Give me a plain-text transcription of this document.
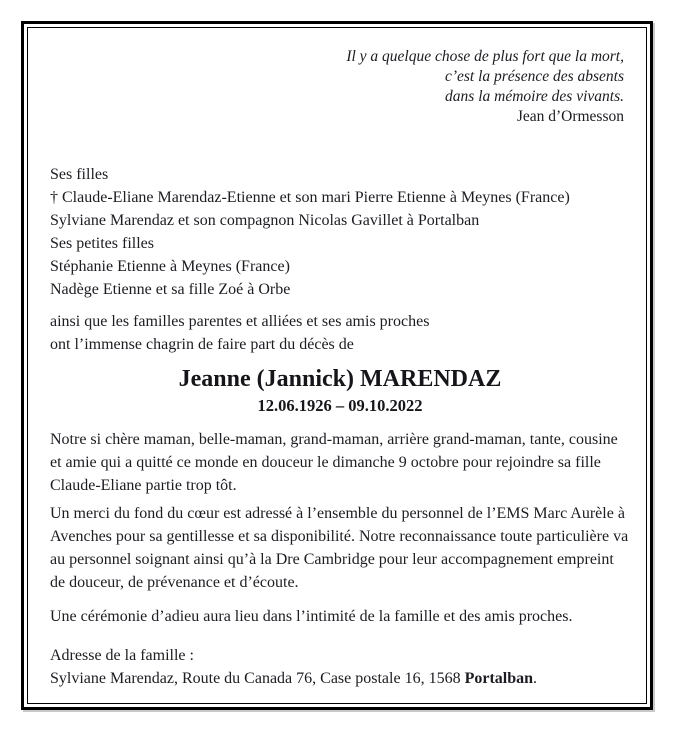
Il y a quelque chose de plus fort que la mort,
c’est la présence des absents
dans la mémoire des vivants.
Jean d’Ormesson
Ses filles
† Claude-Eliane Marendaz-Etienne et son mari Pierre Etienne à Meynes (France)
Sylviane Marendaz et son compagnon Nicolas Gavillet à Portalban
Ses petites filles
Stéphanie Etienne à Meynes (France)
Nadège Etienne et sa fille Zoé à Orbe
ainsi que les familles parentes et alliées et ses amis proches
ont l’immense chagrin de faire part du décès de
Jeanne (Jannick) MARENDAZ
12.06.1926 – 09.10.2022

Notre si chère maman, belle-maman, grand-maman, arrière grand-maman, tante, cousine et amie qui a quitté ce monde en douceur le dimanche 9 octobre pour rejoindre sa fille Claude-Eliane partie trop tôt.

Un merci du fond du cœur est adressé à l’ensemble du personnel de l’EMS Marc Aurèle à Avenches pour sa gentillesse et sa disponibilité. Notre reconnaissance toute particulière va au personnel soignant ainsi qu’à la Dre Cambridge pour leur accompagnement empreint de douceur, de prévenance et d’écoute.

Une cérémonie d’adieu aura lieu dans l’intimité de la famille et des amis proches.

Adresse de la famille :
Sylviane Marendaz, Route du Canada 76, Case postale 16, 1568 Portalban.
